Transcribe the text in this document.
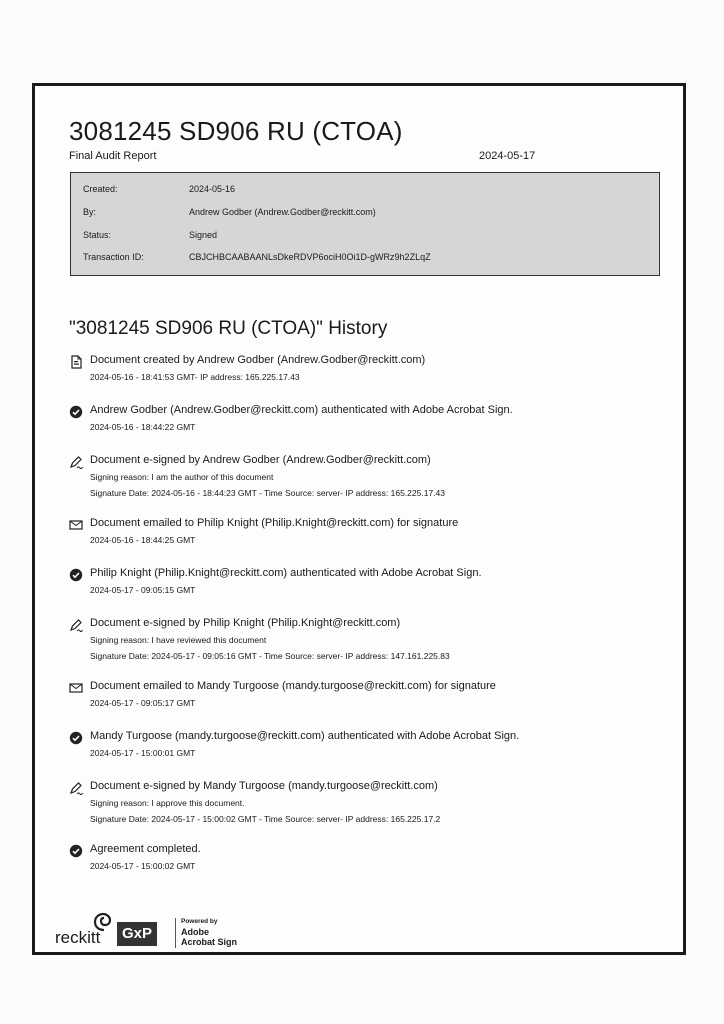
3081245 SD906 RU (CTOA)
Final Audit Report	2024-05-17
Created:	2024-05-16
By:	Andrew Godber (Andrew.Godber@reckitt.com)
Status:	Signed
Transaction ID:	CBJCHBCAABAANLsDkeRDVP6ociH0Oi1D-gWRz9h2ZLqZ
"3081245 SD906 RU (CTOA)" History
Document created by Andrew Godber (Andrew.Godber@reckitt.com)
2024-05-16 - 18:41:53 GMT- IP address: 165.225.17.43
Andrew Godber (Andrew.Godber@reckitt.com) authenticated with Adobe Acrobat Sign.
2024-05-16 - 18:44:22 GMT
Document e-signed by Andrew Godber (Andrew.Godber@reckitt.com)
Signing reason: I am the author of this document
Signature Date: 2024-05-16 - 18:44:23 GMT - Time Source: server- IP address: 165.225.17.43
Document emailed to Philip Knight (Philip.Knight@reckitt.com) for signature
2024-05-16 - 18:44:25 GMT
Philip Knight (Philip.Knight@reckitt.com) authenticated with Adobe Acrobat Sign.
2024-05-17 - 09:05:15 GMT
Document e-signed by Philip Knight (Philip.Knight@reckitt.com)
Signing reason: I have reviewed this document
Signature Date: 2024-05-17 - 09:05:16 GMT - Time Source: server- IP address: 147.161.225.83
Document emailed to Mandy Turgoose (mandy.turgoose@reckitt.com) for signature
2024-05-17 - 09:05:17 GMT
Mandy Turgoose (mandy.turgoose@reckitt.com) authenticated with Adobe Acrobat Sign.
2024-05-17 - 15:00:01 GMT
Document e-signed by Mandy Turgoose (mandy.turgoose@reckitt.com)
Signing reason: I approve this document.
Signature Date: 2024-05-17 - 15:00:02 GMT - Time Source: server- IP address: 165.225.17.2
Agreement completed.
2024-05-17 - 15:00:02 GMT
reckitt	GxP
Powered by
Adobe
Acrobat Sign
